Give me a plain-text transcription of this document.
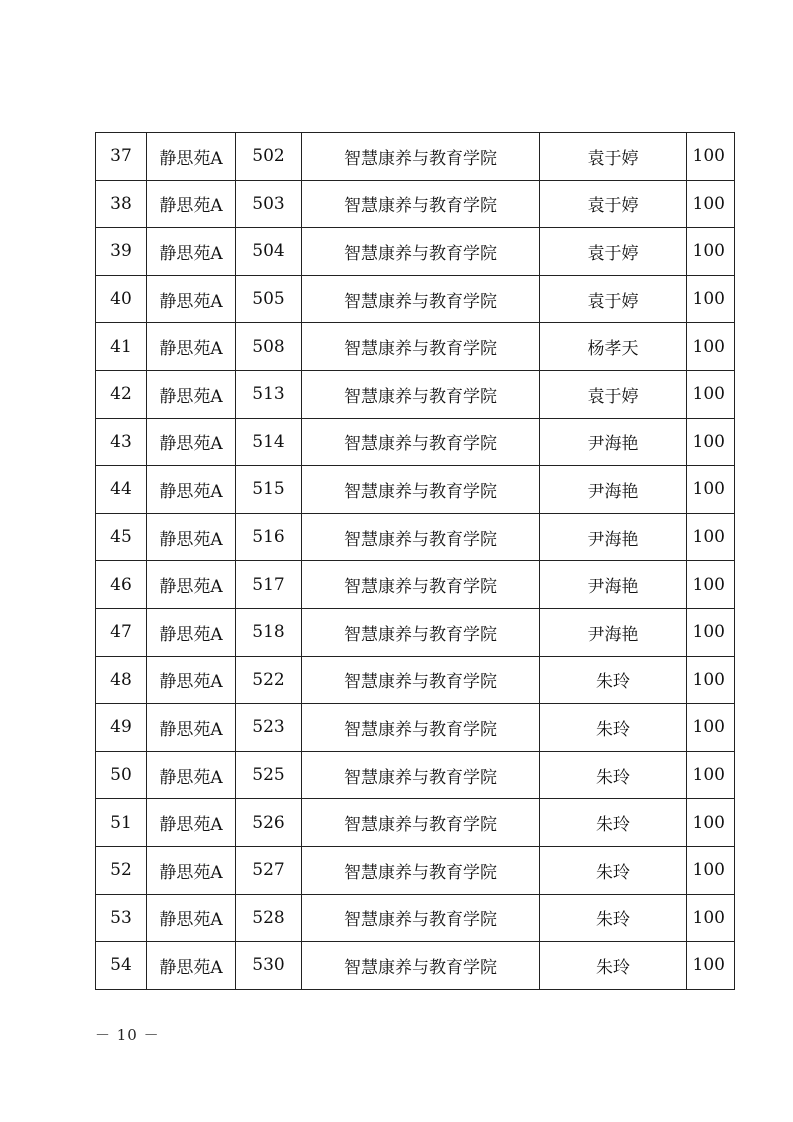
37	静思苑A	502	智慧康养与教育学院	袁于婷	100
38	静思苑A	503	智慧康养与教育学院	袁于婷	100
39	静思苑A	504	智慧康养与教育学院	袁于婷	100
40	静思苑A	505	智慧康养与教育学院	袁于婷	100
41	静思苑A	508	智慧康养与教育学院	杨孝天	100
42	静思苑A	513	智慧康养与教育学院	袁于婷	100
43	静思苑A	514	智慧康养与教育学院	尹海艳	100
44	静思苑A	515	智慧康养与教育学院	尹海艳	100
45	静思苑A	516	智慧康养与教育学院	尹海艳	100
46	静思苑A	517	智慧康养与教育学院	尹海艳	100
47	静思苑A	518	智慧康养与教育学院	尹海艳	100
48	静思苑A	522	智慧康养与教育学院	朱玲	100
49	静思苑A	523	智慧康养与教育学院	朱玲	100
50	静思苑A	525	智慧康养与教育学院	朱玲	100
51	静思苑A	526	智慧康养与教育学院	朱玲	100
52	静思苑A	527	智慧康养与教育学院	朱玲	100
53	静思苑A	528	智慧康养与教育学院	朱玲	100
54	静思苑A	530	智慧康养与教育学院	朱玲	100
－ 10 －
